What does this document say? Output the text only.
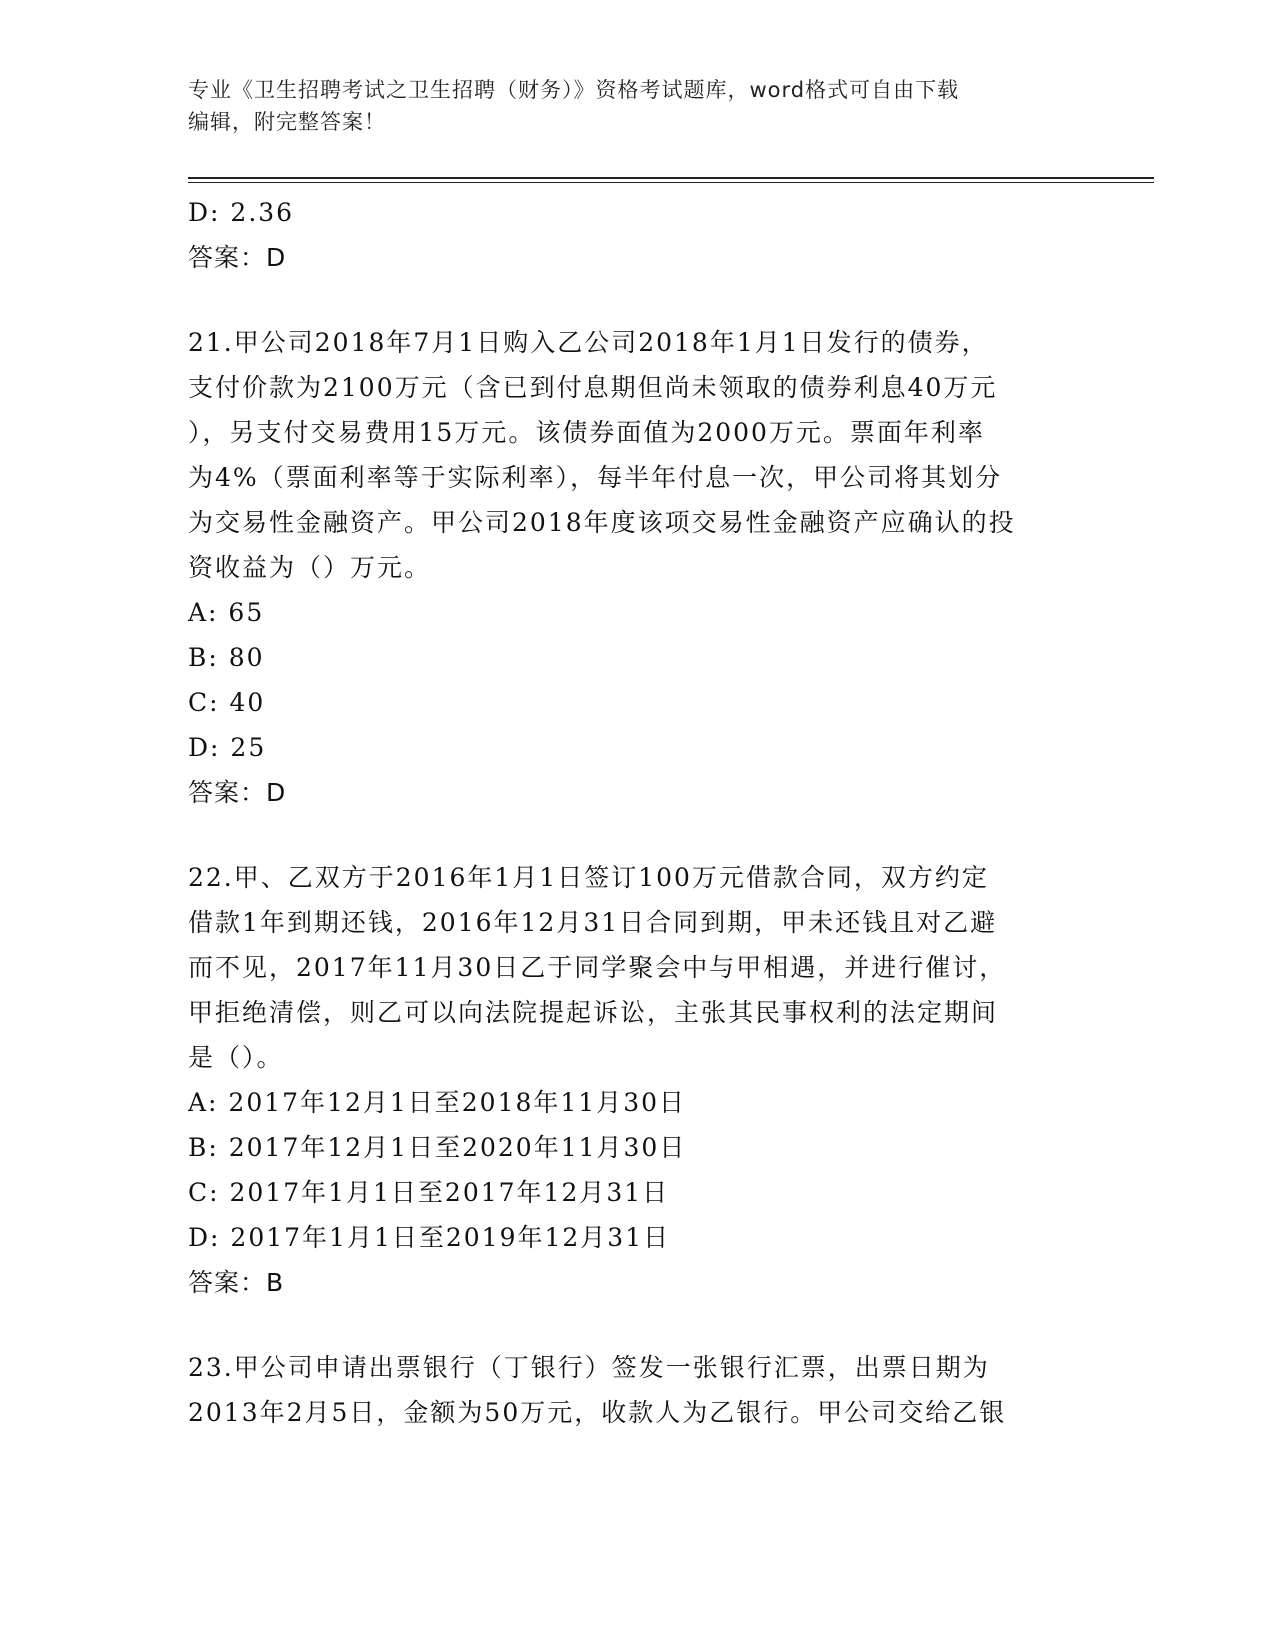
专业《卫生招聘考试之卫生招聘（财务）》资格考试题库，word格式可自由下载
编辑，附完整答案！
D: 2.36
答案：D
21.甲公司2018年7月1日购入乙公司2018年1月1日发行的债券，
支付价款为2100万元（含已到付息期但尚未领取的债券利息40万元
），另支付交易费用15万元。该债券面值为2000万元。票面年利率
为4%（票面利率等于实际利率），每半年付息一次，甲公司将其划分
为交易性金融资产。甲公司2018年度该项交易性金融资产应确认的投
资收益为（）万元。
A: 65
B: 80
C: 40
D: 25
答案：D
22.甲、乙双方于2016年1月1日签订100万元借款合同，双方约定
借款1年到期还钱，2016年12月31日合同到期，甲未还钱且对乙避
而不见，2017年11月30日乙于同学聚会中与甲相遇，并进行催讨，
甲拒绝清偿，则乙可以向法院提起诉讼，主张其民事权利的法定期间
是（）。
A: 2017年12月1日至2018年11月30日
B: 2017年12月1日至2020年11月30日
C: 2017年1月1日至2017年12月31日
D: 2017年1月1日至2019年12月31日
答案：B
23.甲公司申请出票银行（丁银行）签发一张银行汇票，出票日期为
2013年2月5日，金额为50万元，收款人为乙银行。甲公司交给乙银
